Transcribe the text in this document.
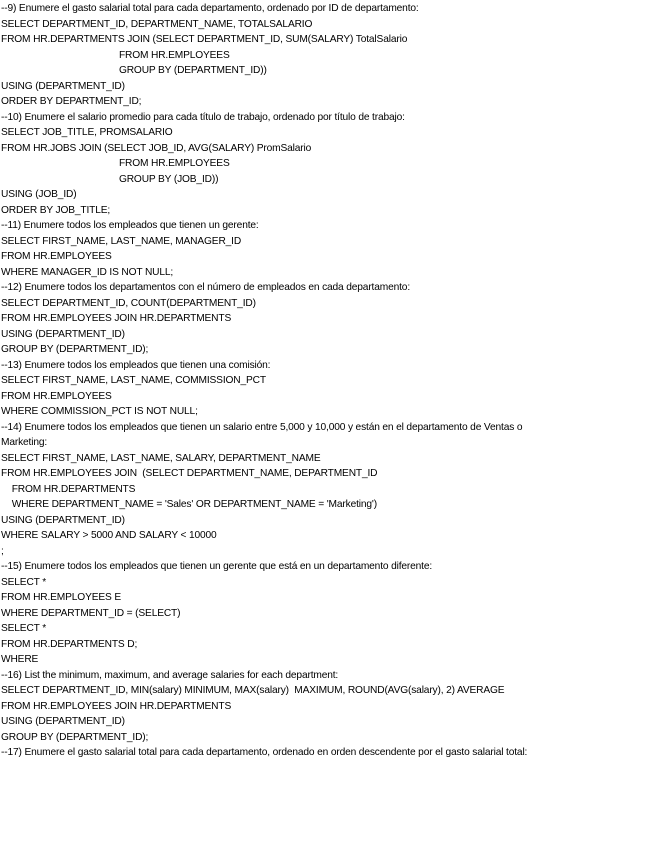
--9) Enumere el gasto salarial total para cada departamento, ordenado por ID de departamento:
SELECT DEPARTMENT_ID, DEPARTMENT_NAME, TOTALSALARIO
FROM HR.DEPARTMENTS JOIN (SELECT DEPARTMENT_ID, SUM(SALARY) TotalSalario
FROM HR.EMPLOYEES
GROUP BY (DEPARTMENT_ID))
USING (DEPARTMENT_ID)
ORDER BY DEPARTMENT_ID;
--10) Enumere el salario promedio para cada título de trabajo, ordenado por título de trabajo:
SELECT JOB_TITLE, PROMSALARIO
FROM HR.JOBS JOIN (SELECT JOB_ID, AVG(SALARY) PromSalario
FROM HR.EMPLOYEES
GROUP BY (JOB_ID))
USING (JOB_ID)
ORDER BY JOB_TITLE;
--11) Enumere todos los empleados que tienen un gerente:
SELECT FIRST_NAME, LAST_NAME, MANAGER_ID
FROM HR.EMPLOYEES
WHERE MANAGER_ID IS NOT NULL;
--12) Enumere todos los departamentos con el número de empleados en cada departamento:
SELECT DEPARTMENT_ID, COUNT(DEPARTMENT_ID)
FROM HR.EMPLOYEES JOIN HR.DEPARTMENTS
USING (DEPARTMENT_ID)
GROUP BY (DEPARTMENT_ID);
--13) Enumere todos los empleados que tienen una comisión:
SELECT FIRST_NAME, LAST_NAME, COMMISSION_PCT
FROM HR.EMPLOYEES
WHERE COMMISSION_PCT IS NOT NULL;
--14) Enumere todos los empleados que tienen un salario entre 5,000 y 10,000 y están en el departamento de Ventas o
Marketing:
SELECT FIRST_NAME, LAST_NAME, SALARY, DEPARTMENT_NAME
FROM HR.EMPLOYEES JOIN  (SELECT DEPARTMENT_NAME, DEPARTMENT_ID
FROM HR.DEPARTMENTS
WHERE DEPARTMENT_NAME = 'Sales' OR DEPARTMENT_NAME = 'Marketing')
USING (DEPARTMENT_ID)
WHERE SALARY > 5000 AND SALARY < 10000
;
--15) Enumere todos los empleados que tienen un gerente que está en un departamento diferente:
SELECT *
FROM HR.EMPLOYEES E
WHERE DEPARTMENT_ID = (SELECT)
SELECT *
FROM HR.DEPARTMENTS D;
WHERE
--16) List the minimum, maximum, and average salaries for each department:
SELECT DEPARTMENT_ID, MIN(salary) MINIMUM, MAX(salary)  MAXIMUM, ROUND(AVG(salary), 2) AVERAGE
FROM HR.EMPLOYEES JOIN HR.DEPARTMENTS
USING (DEPARTMENT_ID)
GROUP BY (DEPARTMENT_ID);
--17) Enumere el gasto salarial total para cada departamento, ordenado en orden descendente por el gasto salarial total:
